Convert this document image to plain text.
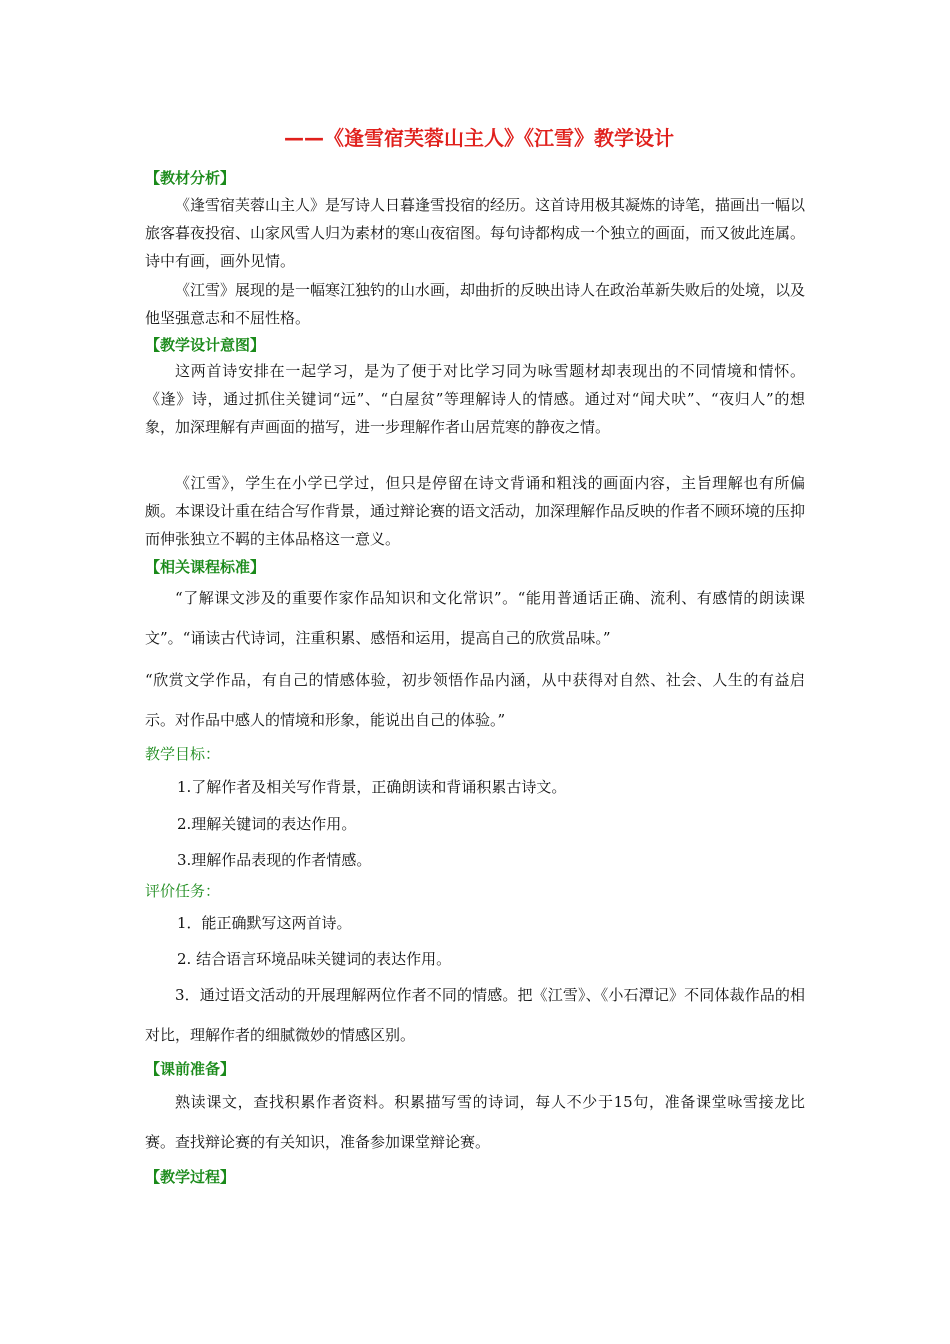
——《逢雪宿芙蓉山主人》《江雪》教学设计
【教材分析】

《逢雪宿芙蓉山主人》是写诗人日暮逢雪投宿的经历。这首诗用极其凝炼的诗笔，描画出一幅以旅客暮夜投宿、山家风雪人归为素材的寒山夜宿图。每句诗都构成一个独立的画面，而又彼此连属。诗中有画，画外见情。

《江雪》展现的是一幅寒江独钓的山水画，却曲折的反映出诗人在政治革新失败后的处境，以及他坚强意志和不屈性格。

【教学设计意图】

这两首诗安排在一起学习，是为了便于对比学习同为咏雪题材却表现出的不同情境和情怀。《逢》诗，通过抓住关键词“远”、“白屋贫”等理解诗人的情感。通过对“闻犬吠”、“夜归人”的想象，加深理解有声画面的描写，进一步理解作者山居荒寒的静夜之情。

《江雪》，学生在小学已学过，但只是停留在诗文背诵和粗浅的画面内容，主旨理解也有所偏颇。本课设计重在结合写作背景，通过辩论赛的语文活动，加深理解作品反映的作者不顾环境的压抑而伸张独立不羁的主体品格这一意义。

【相关课程标准】

“了解课文涉及的重要作家作品知识和文化常识”。“能用普通话正确、流利、有感情的朗读课文”。“诵读古代诗词，注重积累、感悟和运用，提高自己的欣赏品味。”

“欣赏文学作品，有自己的情感体验，初步领悟作品内涵，从中获得对自然、社会、人生的有益启示。对作品中感人的情境和形象，能说出自己的体验。”

教学目标：
1.了解作者及相关写作背景，正确朗读和背诵积累古诗文。
2.理解关键词的表达作用。
3.理解作品表现的作者情感。
评价任务：
1．能正确默写这两首诗。
2. 结合语言环境品味关键词的表达作用。

3．通过语文活动的开展理解两位作者不同的情感。把《江雪》、《小石潭记》不同体裁作品的相对比，理解作者的细腻微妙的情感区别。

【课前准备】

熟读课文，查找积累作者资料。积累描写雪的诗词，每人不少于15句，准备课堂咏雪接龙比赛。查找辩论赛的有关知识，准备参加课堂辩论赛。

【教学过程】
